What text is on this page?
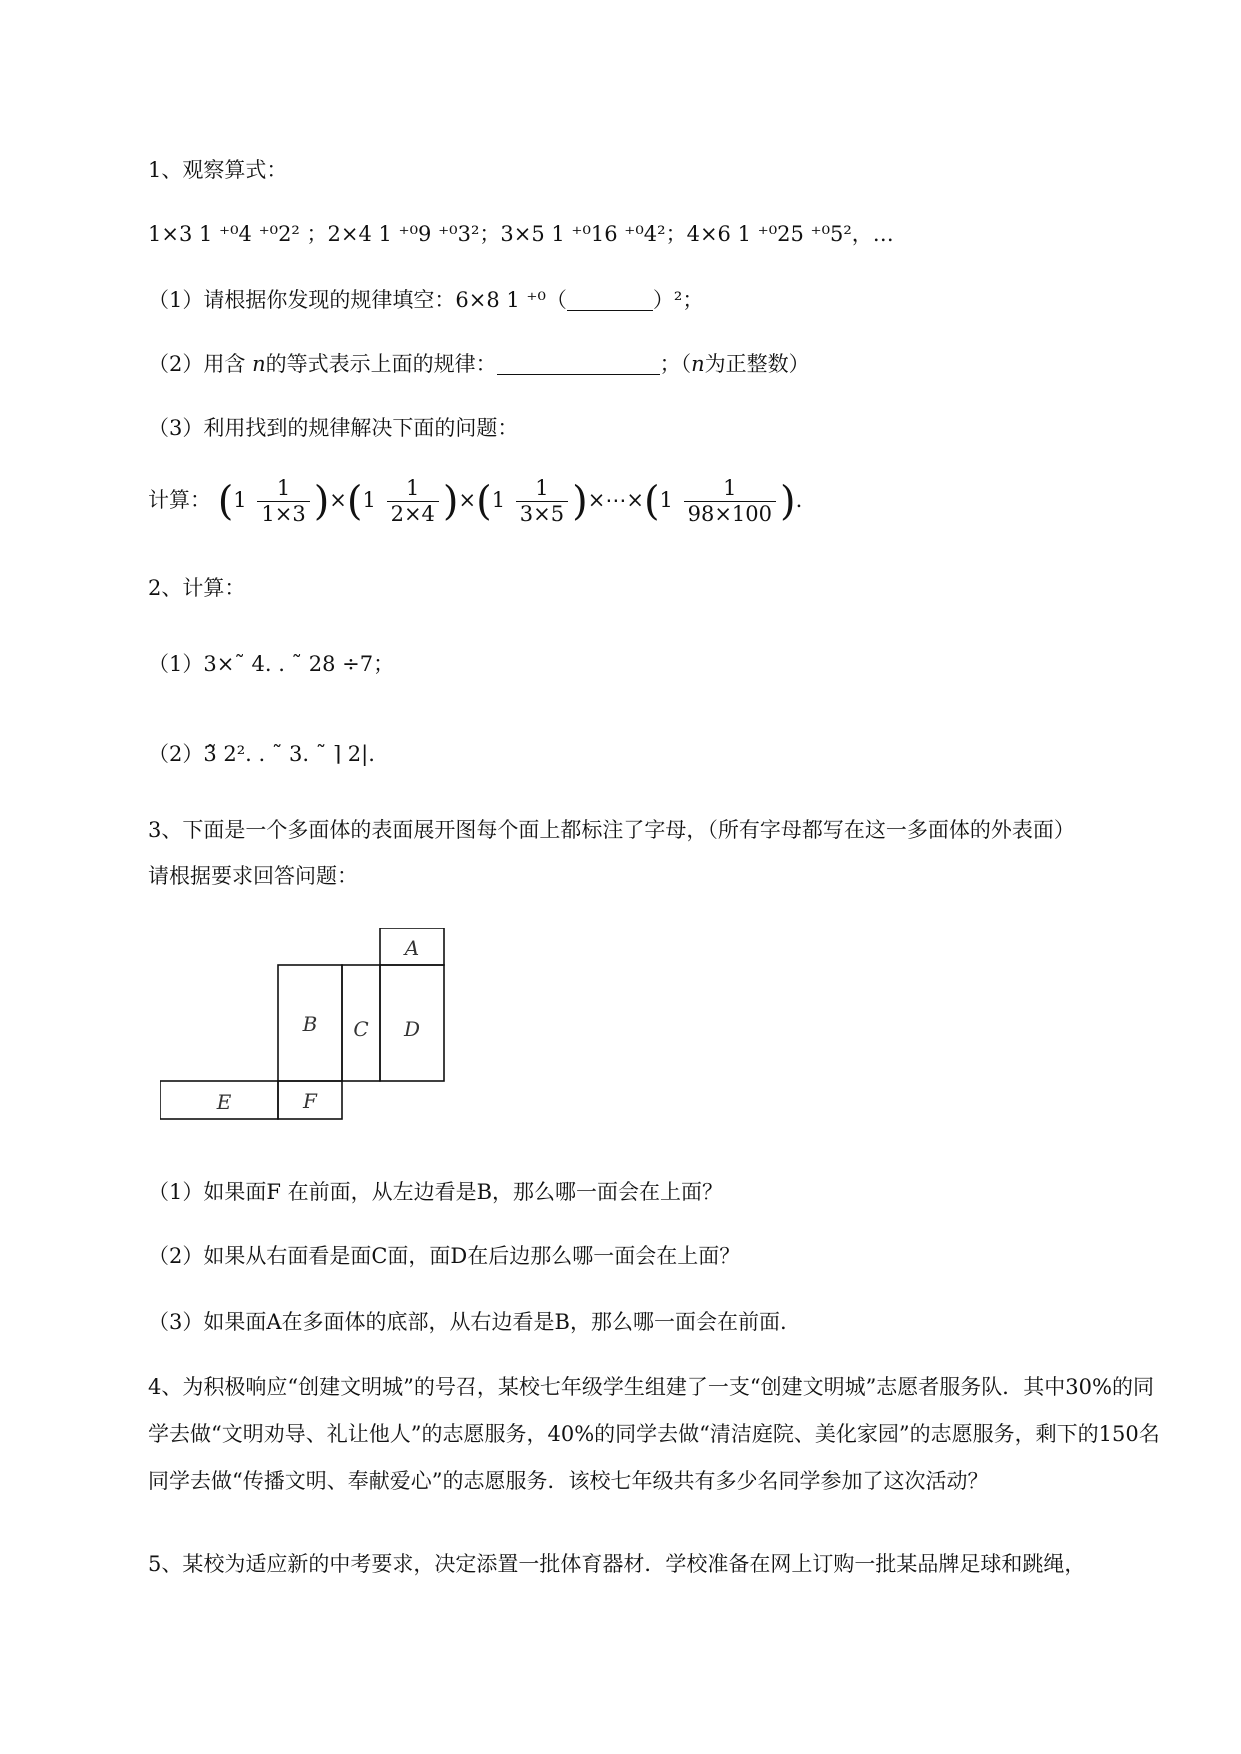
1、观察算式：
1×3 1 ⁺⁰4 ⁺⁰2² ；2×4 1 ⁺⁰9 ⁺⁰3²；3×5 1 ⁺⁰16 ⁺⁰4²；4×6 1 ⁺⁰25 ⁺⁰5²，…
（1）请根据你发现的规律填空：6×8 1 ⁺⁰（	）²；
（2）用含 n的等式表示上面的规律：	；（n为正整数）
（3）利用找到的规律解决下面的问题：
计算： $(1 \frac{1}{1\times 3} )\times(1 \frac{1}{2\times 4} )\times(1 \frac{1}{3\times 5}$ )×⋯×(1 $\frac{1}{98\times 100}$ ).
2、计算：
（1）3×˜ 4. . ˜ 28 ÷7；
（2）3̃ 2². . ˜ 3. ˜ ⌉ 2|.
3、下面是一个多面体的表面展开图每个面上都标注了字母，（所有字母都写在这一多面体的外表面）
请根据要求回答问题：
A
B C D
E	F
（1）如果面F 在前面，从左边看是B，那么哪一面会在上面？
（2）如果从右面看是面C面，面D在后边那么哪一面会在上面？
（3）如果面A在多面体的底部，从右边看是B，那么哪一面会在前面.
4、为积极响应“创建文明城”的号召，某校七年级学生组建了一支“创建文明城”志愿者服务队．其中30%的同学去做“文明劝导、礼让他人”的志愿服务，40%的同学去做“清洁庭院、美化家园”的志愿服务，剩下的150名同学去做“传播文明、奉献爱心”的志愿服务．该校七年级共有多少名同学参加了这次活动？
5、某校为适应新的中考要求，决定添置一批体育器材．学校准备在网上订购一批某品牌足球和跳绳，
